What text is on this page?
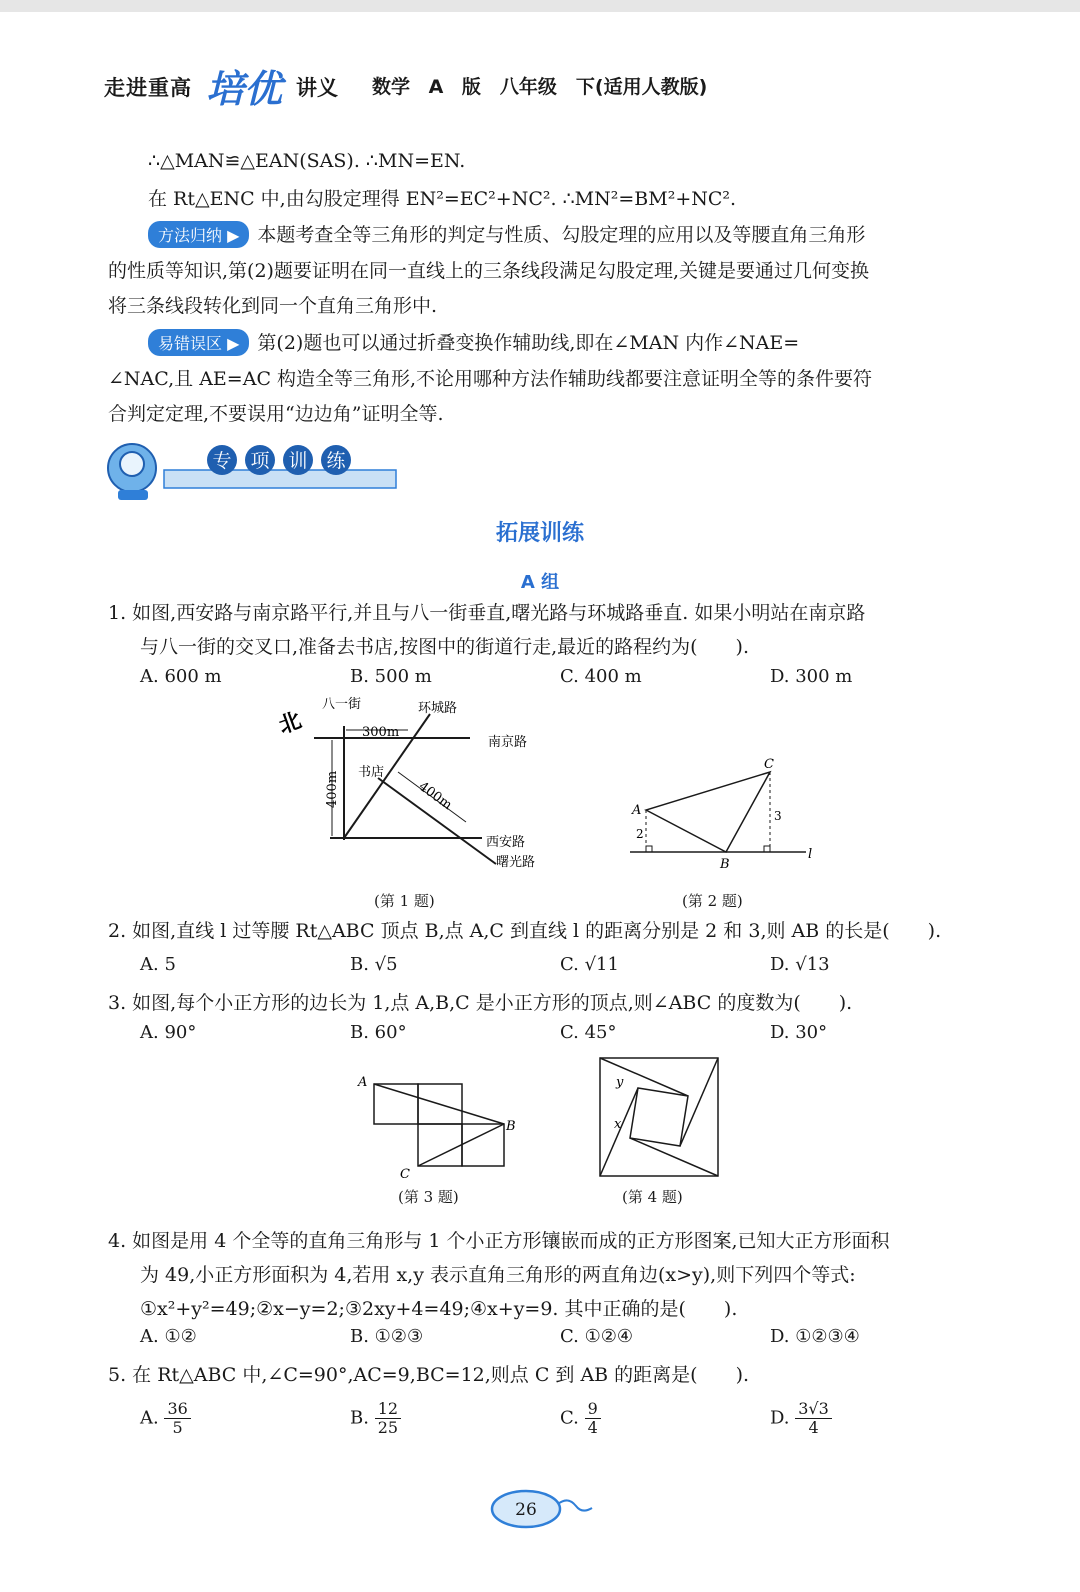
走进重高 培优 讲义 数学 A 版　八年级　下(适用人教版)
∴△MAN≌△EAN(SAS). ∴MN=EN.
在 Rt△ENC 中,由勾股定理得 EN²=EC²+NC². ∴MN²=BM²+NC².
方法归纳 ▶ 本题考查全等三角形的判定与性质、勾股定理的应用以及等腰直角三角形
的性质等知识,第(2)题要证明在同一直线上的三条线段满足勾股定理,关键是要通过几何变换
将三条线段转化到同一个直角三角形中.
易错误区 ▶ 第(2)题也可以通过折叠变换作辅助线,即在∠MAN 内作∠NAE=
∠NAC,且 AE=AC 构造全等三角形,不论用哪种方法作辅助线都要注意证明全等的条件要符
合判定定理,不要误用“边边角”证明全等.
专 项 训 练
拓展训练
A 组
1. 如图,西安路与南京路平行,并且与八一街垂直,曙光路与环城路垂直. 如果小明站在南京路
与八一街的交叉口,准备去书店,按图中的街道行走,最近的路程约为(　　).
A. 600 m	B. 500 m	C. 400 m	D. 300 m
八一街	环城路
南京路
西安路
曙光路
书店
300m
400m	400m
北
(第 1 题)
A
B
C
l
2
3
(第 2 题)
2. 如图,直线 l 过等腰 Rt△ABC 顶点 B,点 A,C 到直线 l 的距离分别是 2 和 3,则 AB 的长是(　　).
A. 5	B. √5	C. √11	D. √13
3. 如图,每个小正方形的边长为 1,点 A,B,C 是小正方形的顶点,则∠ABC 的度数为(　　).
A. 90°	B. 60°	C. 45°	D. 30°
A
B
C
(第 3 题)
y
x
(第 4 题)
4. 如图是用 4 个全等的直角三角形与 1 个小正方形镶嵌而成的正方形图案,已知大正方形面积
为 49,小正方形面积为 4,若用 x,y 表示直角三角形的两直角边(x>y),则下列四个等式:
①x²+y²=49;②x−y=2;③2xy+4=49;④x+y=9. 其中正确的是(　　).
A. ①②	B. ①②③	C. ①②④	D. ①②③④
5. 在 Rt△ABC 中,∠C=90°,AC=9,BC=12,则点 C 到 AB 的距离是(　　).
A. $\frac{36}{5}$	B. $\frac{12}{25}$	C. $\frac{9}{4}$	D. $\frac{3√3}{4}$
26
